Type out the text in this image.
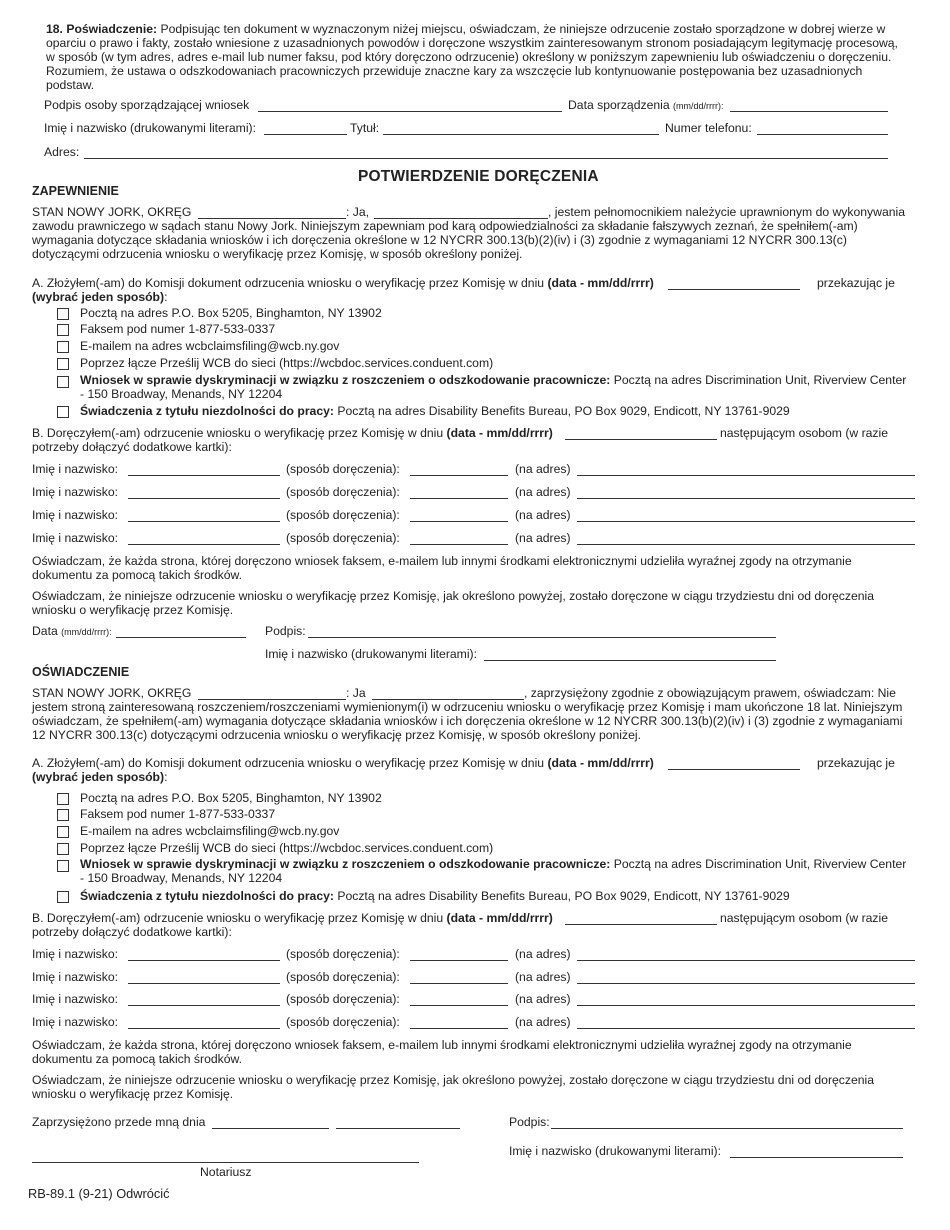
18. Poświadczenie: Podpisując ten dokument w wyznaczonym niżej miejscu, oświadczam, że niniejsze odrzucenie zostało sporządzone w dobrej wierze w oparciu o prawo i fakty, zostało wniesione z uzasadnionych powodów i doręczone wszystkim zainteresowanym stronom posiadającym legitymację procesową, w sposób (w tym adres, adres e-mail lub numer faksu, pod który doręczono odrzucenie) określony w poniższym zapewnieniu lub oświadczeniu o doręczeniu. Rozumiem, że ustawa o odszkodowaniach pracowniczych przewiduje znaczne kary za wszczęcie lub kontynuowanie postępowania bez uzasadnionych podstaw.
Podpis osoby sporządzającej wniosek	Data sporządzenia (mm/dd/rrrr):
Imię i nazwisko (drukowanymi literami):	Tytuł:	Numer telefonu:
Adres:
POTWIERDZENIE DORĘCZENIA
ZAPEWNIENIE
STAN NOWY JORK, OKRĘG	: Ja,	, jestem pełnomocnikiem należycie uprawnionym do wykonywania
zawodu prawniczego w sądach stanu Nowy Jork. Niniejszym zapewniam pod karą odpowiedzialności za składanie fałszywych zeznań, że spełniłem(-am)
wymagania dotyczące składania wniosków i ich doręczenia określone w 12 NYCRR 300.13(b)(2)(iv) i (3) zgodnie z wymaganiami 12 NYCRR 300.13(c)
dotyczącymi odrzucenia wniosku o weryfikację przez Komisję, w sposób określony poniżej.
A. Złożyłem(-am) do Komisji dokument odrzucenia wniosku o weryfikację przez Komisję w dniu (data - mm/dd/rrrr)	przekazując je
(wybrać jeden sposób):
Pocztą na adres P.O. Box 5205, Binghamton, NY 13902
Faksem pod numer 1-877-533-0337
E-mailem na adres wcbclaimsfiling@wcb.ny.gov
Poprzez łącze Prześlij WCB do sieci (https://wcbdoc.services.conduent.com)
Wniosek w sprawie dyskryminacji w związku z roszczeniem o odszkodowanie pracownicze: Pocztą na adres Discrimination Unit, Riverview Center
- 150 Broadway, Menands, NY 12204
Świadczenia z tytułu niezdolności do pracy: Pocztą na adres Disability Benefits Bureau, PO Box 9029, Endicott, NY 13761-9029
B. Doręczyłem(-am) odrzucenie wniosku o weryfikację przez Komisję w dniu (data - mm/dd/rrrr)	następującym osobom (w razie
potrzeby dołączyć dodatkowe kartki):
Imię i nazwisko:	(sposób doręczenia):	(na adres)
Imię i nazwisko:	(sposób doręczenia):	(na adres)
Imię i nazwisko:	(sposób doręczenia):	(na adres)
Imię i nazwisko:	(sposób doręczenia):	(na adres)
Oświadczam, że każda strona, której doręczono wniosek faksem, e-mailem lub innymi środkami elektronicznymi udzieliła wyraźnej zgody na otrzymanie
dokumentu za pomocą takich środków.
Oświadczam, że niniejsze odrzucenie wniosku o weryfikację przez Komisję, jak określono powyżej, zostało doręczone w ciągu trzydziestu dni od doręczenia
wniosku o weryfikację przez Komisję.
Data (mm/dd/rrrr):	Podpis:
Imię i nazwisko (drukowanymi literami):
OŚWIADCZENIE
STAN NOWY JORK, OKRĘG	: Ja	, zaprzysiężony zgodnie z obowiązującym prawem, oświadczam: Nie
jestem stroną zainteresowaną roszczeniem/roszczeniami wymienionym(i) w odrzuceniu wniosku o weryfikację przez Komisję i mam ukończone 18 lat. Niniejszym
oświadczam, że spełniłem(-am) wymagania dotyczące składania wniosków i ich doręczenia określone w 12 NYCRR 300.13(b)(2)(iv) i (3) zgodnie z wymaganiami
12 NYCRR 300.13(c) dotyczącymi odrzucenia wniosku o weryfikację przez Komisję, w sposób określony poniżej.
A. Złożyłem(-am) do Komisji dokument odrzucenia wniosku o weryfikację przez Komisję w dniu (data - mm/dd/rrrr)	przekazując je
(wybrać jeden sposób):
Pocztą na adres P.O. Box 5205, Binghamton, NY 13902
Faksem pod numer 1-877-533-0337
E-mailem na adres wcbclaimsfiling@wcb.ny.gov
Poprzez łącze Prześlij WCB do sieci (https://wcbdoc.services.conduent.com)
Wniosek w sprawie dyskryminacji w związku z roszczeniem o odszkodowanie pracownicze: Pocztą na adres Discrimination Unit, Riverview Center
- 150 Broadway, Menands, NY 12204
Świadczenia z tytułu niezdolności do pracy: Pocztą na adres Disability Benefits Bureau, PO Box 9029, Endicott, NY 13761-9029
B. Doręczyłem(-am) odrzucenie wniosku o weryfikację przez Komisję w dniu (data - mm/dd/rrrr)	następującym osobom (w razie
potrzeby dołączyć dodatkowe kartki):
Imię i nazwisko:	(sposób doręczenia):	(na adres)
Imię i nazwisko:	(sposób doręczenia):	(na adres)
Imię i nazwisko:	(sposób doręczenia):	(na adres)
Imię i nazwisko:	(sposób doręczenia):	(na adres)
Oświadczam, że każda strona, której doręczono wniosek faksem, e-mailem lub innymi środkami elektronicznymi udzieliła wyraźnej zgody na otrzymanie
dokumentu za pomocą takich środków.
Oświadczam, że niniejsze odrzucenie wniosku o weryfikację przez Komisję, jak określono powyżej, zostało doręczone w ciągu trzydziestu dni od doręczenia
wniosku o weryfikację przez Komisję.
Zaprzysiężono przede mną dnia	Podpis:
Imię i nazwisko (drukowanymi literami):
Notariusz
RB-89.1 (9-21) Odwrócić
